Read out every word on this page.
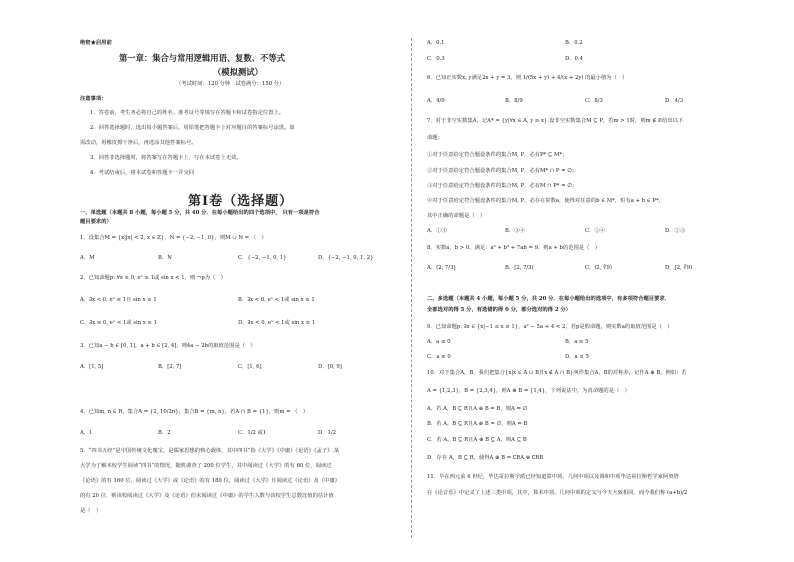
绝密★启用前
第一章：集合与常用逻辑用语、复数、不等式
（模拟测试）
（考试时间：120 分钟　试卷满分：150 分）
注意事项：
1．答卷前，考生务必将自己的姓名、准考证号等填写在答题卡和试卷指定位置上。
2．回答选择题时，选出每小题答案后，用铅笔把答题卡上对应题目的答案标号涂黑。如
需改动，用橡皮擦干净后，再选涂其他答案标号。
3．回答非选择题时，将答案写在答题卡上．写在本试卷上无效。
4．考试结束后，将本试卷和答题卡一并交回
第Ⅰ卷（选择题）
一、单选题（本题共 8 小题，每小题 5 分，共 40 分．在每小题给出的四个选项中， 只有一项是符合
题目要求的）
1．设集合M = {x||x| < 2, x ∈ Z}，N = {−2, −1, 0}，则M ∪ N = （　）
A．M	B．N	C．{−2, −1, 0, 1}	D．{−2, −1, 0, 1, 2}
2．已知命题p: ∀x ≥ 0, eˣ ≥ 1或 sin x < 1，则 ¬p为（　）
A．∃x < 0, eˣ ≤ 1且 sin x ≥ 1	B．∃x < 0, eˣ < 1或 sin x ≥ 1
C．∃x ≥ 0, eˣ < 1或 sin x ≥ 1	D．∃x < 0, eˣ < 1或 sin x ≥ 1
3．已知a − b ∈ [0, 1]，a + b ∈ [2, 4]，则4a − 2b的取值范围是（　）
A．[1, 5]	B．[2, 7]	C．[1, 6]	D．[0, 9]
4．已知m, n ∈ R，集合A = {2, 10/2n}，集合B = {m, n}，若A ∩ B = {1}，则m = （　）
A．1	B．2	C．1/2 或1	D．1/2
5．“四书五经”是中国传统文化瑰宝，是儒家思想的核心载体，其中四书”指《大学》《中庸》《论语》《孟子》.某
大学为了解本校学生阅读“四书”的情况，随机调查了 200 位学生，其中阅读过《大学》的有 60 位，阅读过
《论语》的有 160 位，阅读过《大学》或《论语》的有 180 位，阅读过《大学》且阅读过《论语》及《中庸》
的有 20 位．则该校阅读过《大学》及《论语》但未阅读过《中庸》的学生人数与该校学生总数比值的估计值
是（　）
A．0.1	B．0.2
C．0.3	D．0.4
6．已知正实数x, y满足2x + y = 3，则 1/(5x + y) + 4/(x + 2y) 的最小值为（　）
A．4/9	B．8/9	C．8/3	D．4/3
7．对于非空实数集A，记A* = {y|∀x ∈ A, y ≥ x}.设非空实数集合M ⊆ P，若m > 1时，则m ∉ P.给出以下
命题：
①对于任意给定符合题设条件的集合M, P，必有P* ⊆ M*；
②对于任意给定符合题设条件的集合M, P，必有M* ∩ P = ∅；
③对于任意给定符合题设条件的集合M, P，必有M ∩ P* = ∅；
④对于任意给定符合题设条件的集合M, P，必存在常数a，使得对任意的b ∈ M*，恒有a + b ∈ P*，
其中正确的命题是（　）
A．①③	B．③④	C．①④	D．②③
8．实数a，b > 0，满足：a³ + b³ + 7ab = 9，则a + b的范围是（　）
A．(2, 7/3]	B．[2, 7/3)	C．(2, ∛9)	D．[2, ∛9)
二、多选题（本题共 4 小题，每小题 5 分，共 20 分．在每小题给出的选项中，有多项符合题目要求．
全部选对的得 5 分，有选错的得 0 分，部分选对的得 2 分）
9．已知命题p: ∃x ∈ {x|−1 ≤ x ≤ 1}，a² − 5a + 4 < 2，若p是假命题，则实数a的取值范围是（　）
A．a ≤ 0	B．a ≥ 5
C．a ≥ 0	D．a ≤ 5
10．对于集合A，B，我们把集合{x|x ∈ A ∪ B且x ∉ A ∩ B}叫作集合A，B的对称差，记作A ⊕ B，例如：若
A = {1,2,3}，B = {2,3,4}，则A ⊕ B = {1,4}，下列说法中，为真命题的是（　）
A．若 A，B ⊆ R且A ⊕ B = B，则A = ∅
B．若 A，B ⊆ R且A ⊕ B = ∅，则A = B
C．若 A，B ⊆ R且A ⊕ B ⊆ A，则A ⊆ B
D．存在 A，B ⊆ R，使得A ⊕ B = ∁RA ⊕ ∁RB
11．早在西元前 6 世纪，毕达哥拉斯学派已经知道算中项，几何中项以及调和中项毕达哥拉斯哲学家阿契塔
在《论音乐》中定义了上述三类中项，其中，算术中项，几何中项的定义与今天大致相同．而今我们称 (a+b)/2
